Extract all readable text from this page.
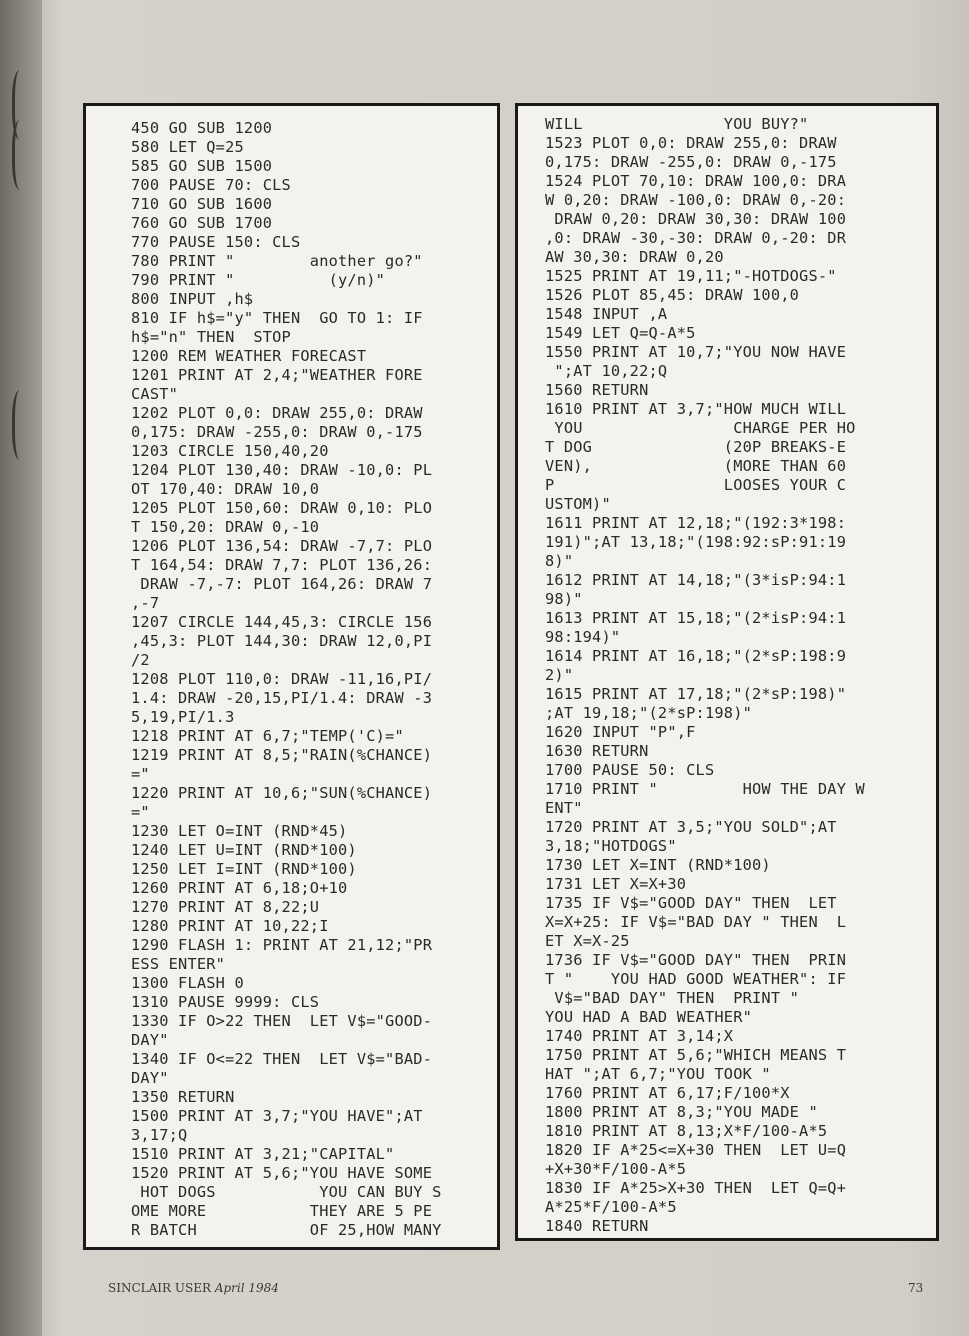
450 GO SUB 1200
580 LET Q=25
585 GO SUB 1500
700 PAUSE 70: CLS
710 GO SUB 1600
760 GO SUB 1700
770 PAUSE 150: CLS
780 PRINT "        another go?"
790 PRINT "          (y/n)"
800 INPUT ,h$
810 IF h$="y" THEN  GO TO 1: IF
h$="n" THEN  STOP
1200 REM WEATHER FORECAST
1201 PRINT AT 2,4;"WEATHER FORE
CAST"
1202 PLOT 0,0: DRAW 255,0: DRAW
0,175: DRAW -255,0: DRAW 0,-175
1203 CIRCLE 150,40,20
1204 PLOT 130,40: DRAW -10,0: PL
OT 170,40: DRAW 10,0
1205 PLOT 150,60: DRAW 0,10: PLO
T 150,20: DRAW 0,-10
1206 PLOT 136,54: DRAW -7,7: PLO
T 164,54: DRAW 7,7: PLOT 136,26:
DRAW -7,-7: PLOT 164,26: DRAW 7
,-7
1207 CIRCLE 144,45,3: CIRCLE 156
,45,3: PLOT 144,30: DRAW 12,0,PI
/2
1208 PLOT 110,0: DRAW -11,16,PI/
1.4: DRAW -20,15,PI/1.4: DRAW -3
5,19,PI/1.3
1218 PRINT AT 6,7;"TEMP('C)="
1219 PRINT AT 8,5;"RAIN(%CHANCE)
="
1220 PRINT AT 10,6;"SUN(%CHANCE)
="
1230 LET O=INT (RND*45)
1240 LET U=INT (RND*100)
1250 LET I=INT (RND*100)
1260 PRINT AT 6,18;O+10
1270 PRINT AT 8,22;U
1280 PRINT AT 10,22;I
1290 FLASH 1: PRINT AT 21,12;"PR
ESS ENTER"
1300 FLASH 0
1310 PAUSE 9999: CLS
1330 IF O>22 THEN  LET V$="GOOD-
DAY"
1340 IF O<=22 THEN  LET V$="BAD-
DAY"
1350 RETURN
1500 PRINT AT 3,7;"YOU HAVE";AT
3,17;Q
1510 PRINT AT 3,21;"CAPITAL"
1520 PRINT AT 5,6;"YOU HAVE SOME
HOT DOGS           YOU CAN BUY S
OME MORE           THEY ARE 5 PE
R BATCH            OF 25,HOW MANY
WILL               YOU BUY?"
1523 PLOT 0,0: DRAW 255,0: DRAW
0,175: DRAW -255,0: DRAW 0,-175
1524 PLOT 70,10: DRAW 100,0: DRA
W 0,20: DRAW -100,0: DRAW 0,-20:
DRAW 0,20: DRAW 30,30: DRAW 100
,0: DRAW -30,-30: DRAW 0,-20: DR
AW 30,30: DRAW 0,20
1525 PRINT AT 19,11;"-HOTDOGS-"
1526 PLOT 85,45: DRAW 100,0
1548 INPUT ,A
1549 LET Q=Q-A*5
1550 PRINT AT 10,7;"YOU NOW HAVE
";AT 10,22;Q
1560 RETURN
1610 PRINT AT 3,7;"HOW MUCH WILL
YOU                CHARGE PER HO
T DOG              (20P BREAKS-E
VEN),              (MORE THAN 60
P                  LOOSES YOUR C
USTOM)"
1611 PRINT AT 12,18;"(192:3*198:
191)";AT 13,18;"(198:92:sP:91:19
8)"
1612 PRINT AT 14,18;"(3*isP:94:1
98)"
1613 PRINT AT 15,18;"(2*isP:94:1
98:194)"
1614 PRINT AT 16,18;"(2*sP:198:9
2)"
1615 PRINT AT 17,18;"(2*sP:198)"
;AT 19,18;"(2*sP:198)"
1620 INPUT "P",F
1630 RETURN
1700 PAUSE 50: CLS
1710 PRINT "         HOW THE DAY W
ENT"
1720 PRINT AT 3,5;"YOU SOLD";AT
3,18;"HOTDOGS"
1730 LET X=INT (RND*100)
1731 LET X=X+30
1735 IF V$="GOOD DAY" THEN  LET
X=X+25: IF V$="BAD DAY " THEN  L
ET X=X-25
1736 IF V$="GOOD DAY" THEN  PRIN
T "    YOU HAD GOOD WEATHER": IF
V$="BAD DAY" THEN  PRINT "
YOU HAD A BAD WEATHER"
1740 PRINT AT 3,14;X
1750 PRINT AT 5,6;"WHICH MEANS T
HAT ";AT 6,7;"YOU TOOK "
1760 PRINT AT 6,17;F/100*X
1800 PRINT AT 8,3;"YOU MADE "
1810 PRINT AT 8,13;X*F/100-A*5
1820 IF A*25<=X+30 THEN  LET U=Q
+X+30*F/100-A*5
1830 IF A*25>X+30 THEN  LET Q=Q+
A*25*F/100-A*5
1840 RETURN
SINCLAIR USER April 1984	73
